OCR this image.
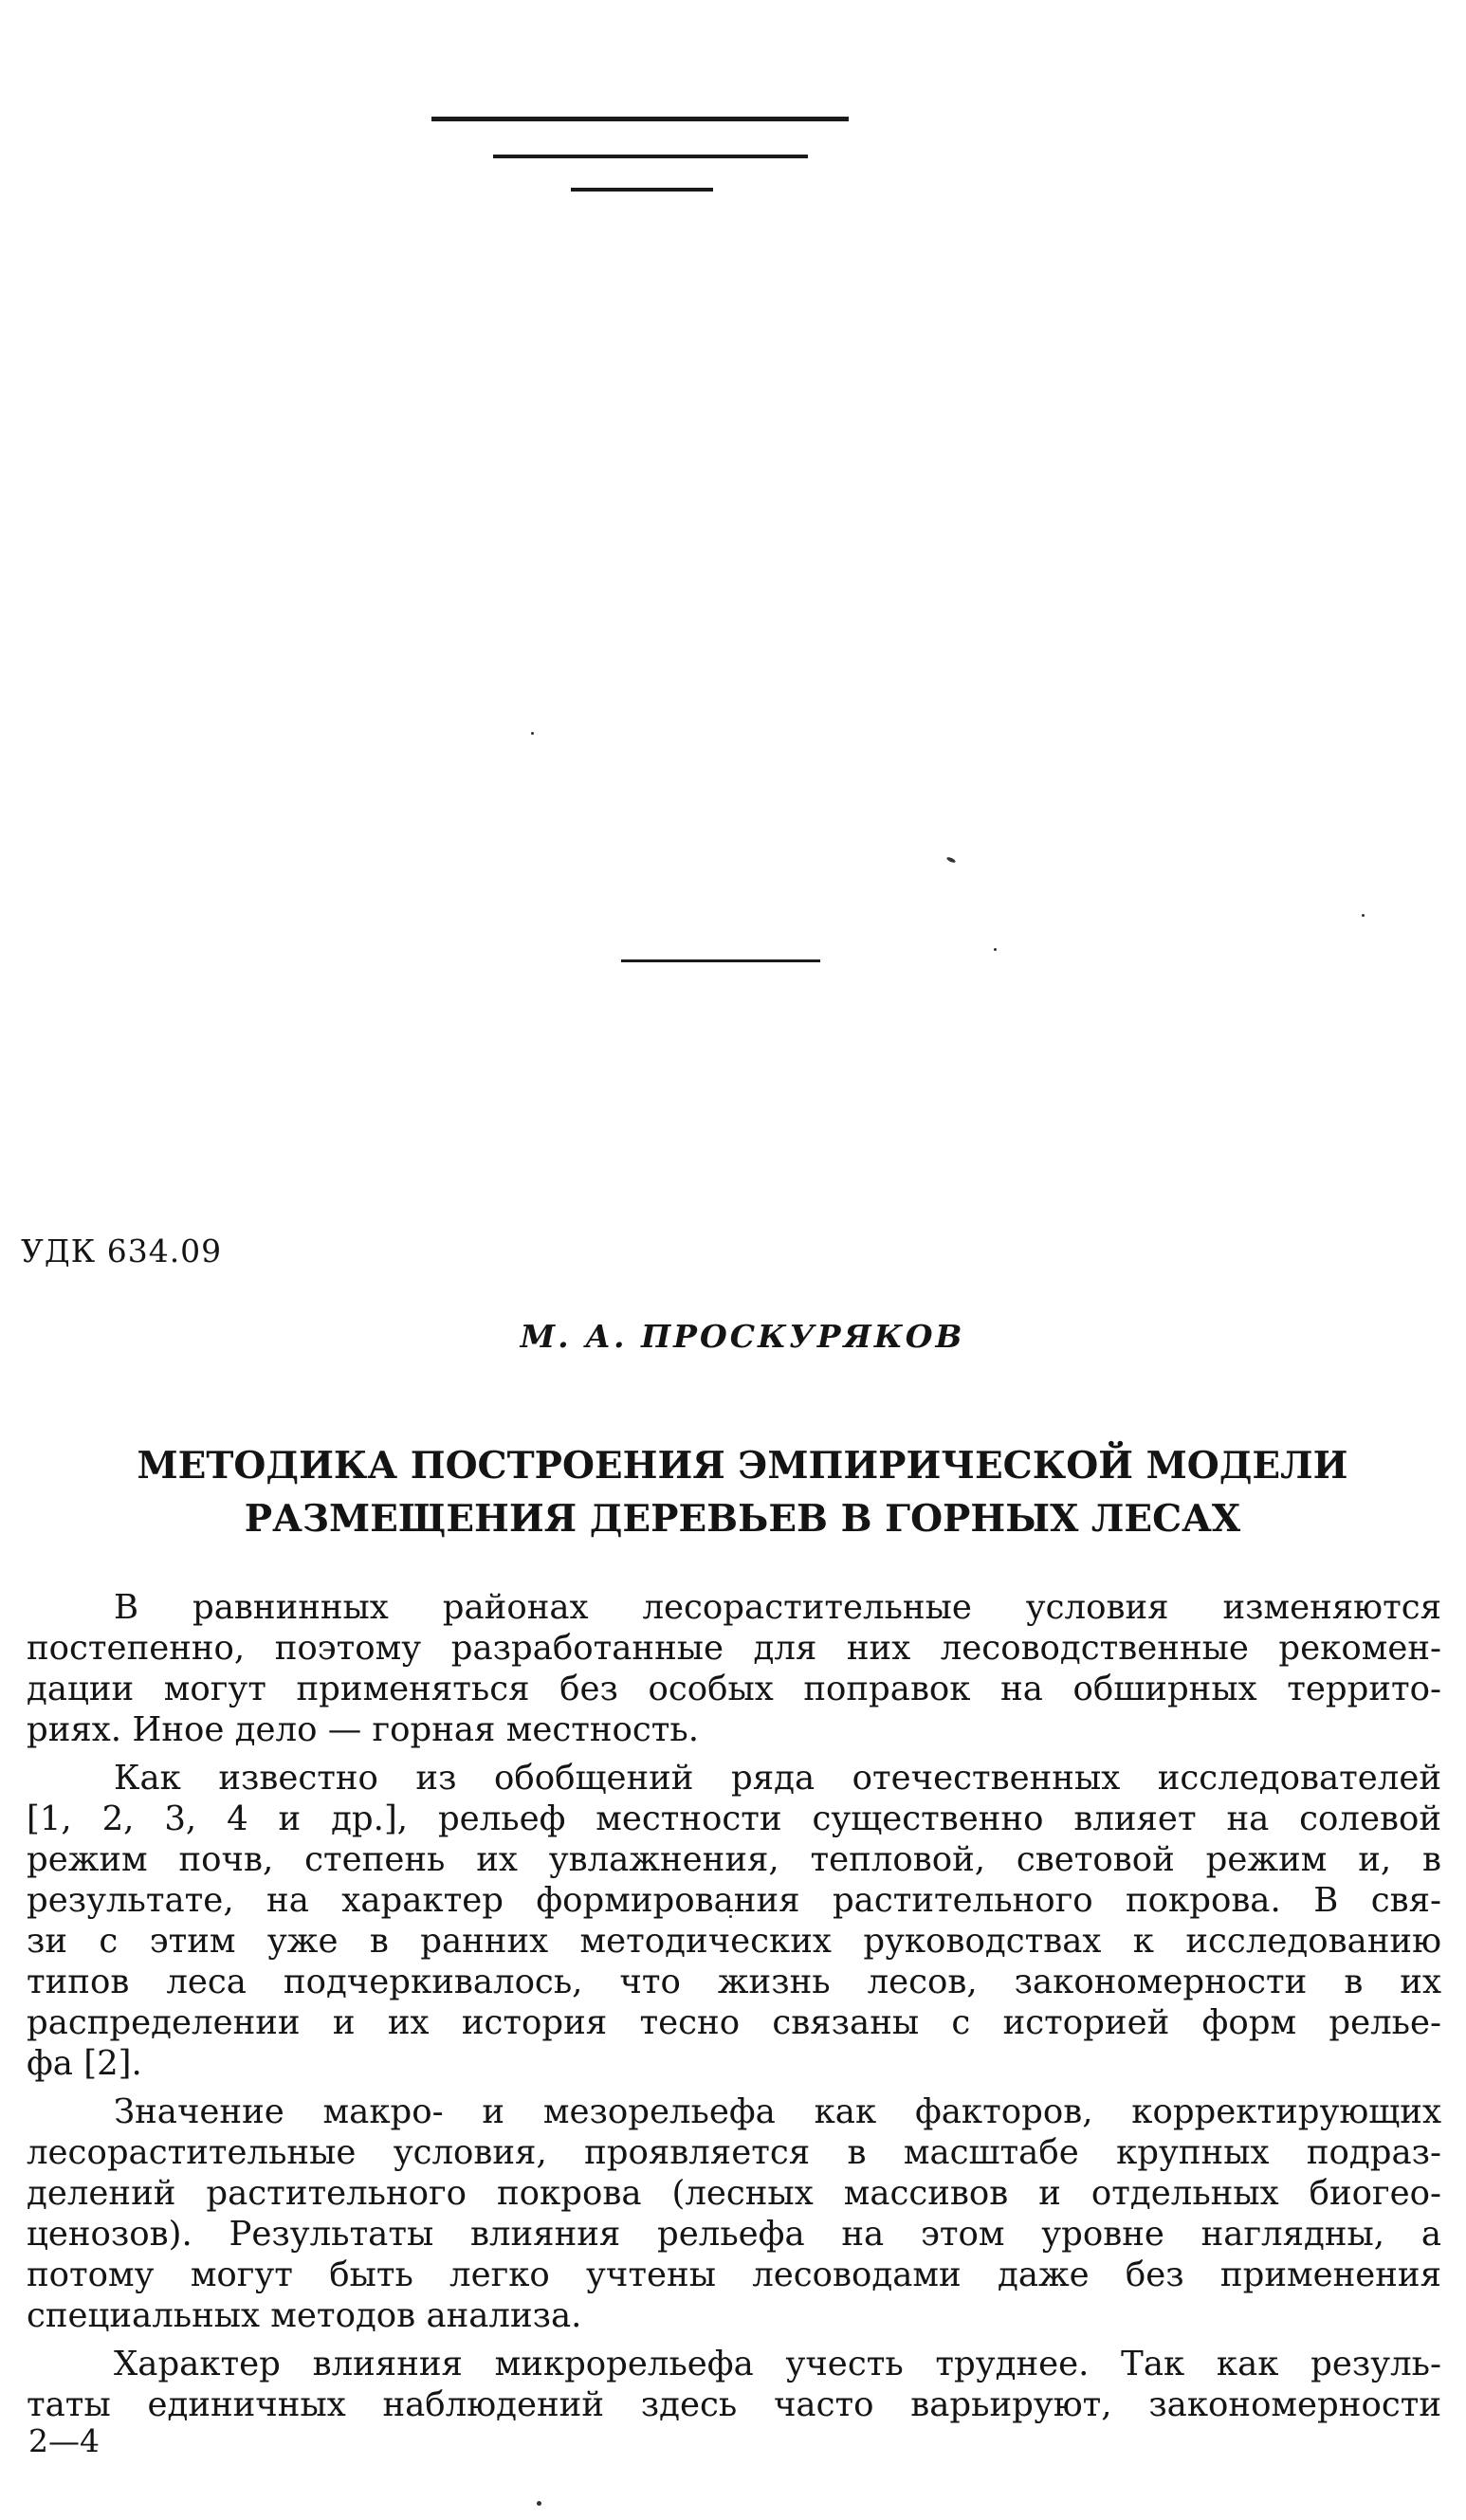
УДК 634.09
М. А. ПРОСКУРЯКОВ
МЕТОДИКА ПОСТРОЕНИЯ ЭМПИРИЧЕСКОЙ МОДЕЛИ
РАЗМЕЩЕНИЯ ДЕРЕВЬЕВ В ГОРНЫХ ЛЕСАХ

В равнинных районах лесорастительные условия изменяются
постепенно, поэтому разработанные для них лесоводственные рекомен-
дации могут применяться без особых поправок на обширных террито-
риях. Иное дело — горная местность.

Как известно из обобщений ряда отечественных исследователей
[1, 2, 3, 4 и др.], рельеф местности существенно влияет на солевой
режим почв, степень их увлажнения, тепловой, световой режим и, в
результате, на характер формирования растительного покрова. В свя-
зи с этим уже в ранних методических руководствах к исследованию
типов леса подчеркивалось, что жизнь лесов, закономерности в их
распределении и их история тесно связаны с историей форм релье-
фа [2].

Значение макро- и мезорельефа как факторов, корректирующих
лесорастительные условия, проявляется в масштабе крупных подраз-
делений растительного покрова (лесных массивов и отдельных биогео-
ценозов). Результаты влияния рельефа на этом уровне наглядны, а
потому могут быть легко учтены лесоводами даже без применения
специальных методов анализа.

Характер влияния микрорельефа учесть труднее. Так как резуль-
таты единичных наблюдений здесь часто варьируют, закономерности

2—4
